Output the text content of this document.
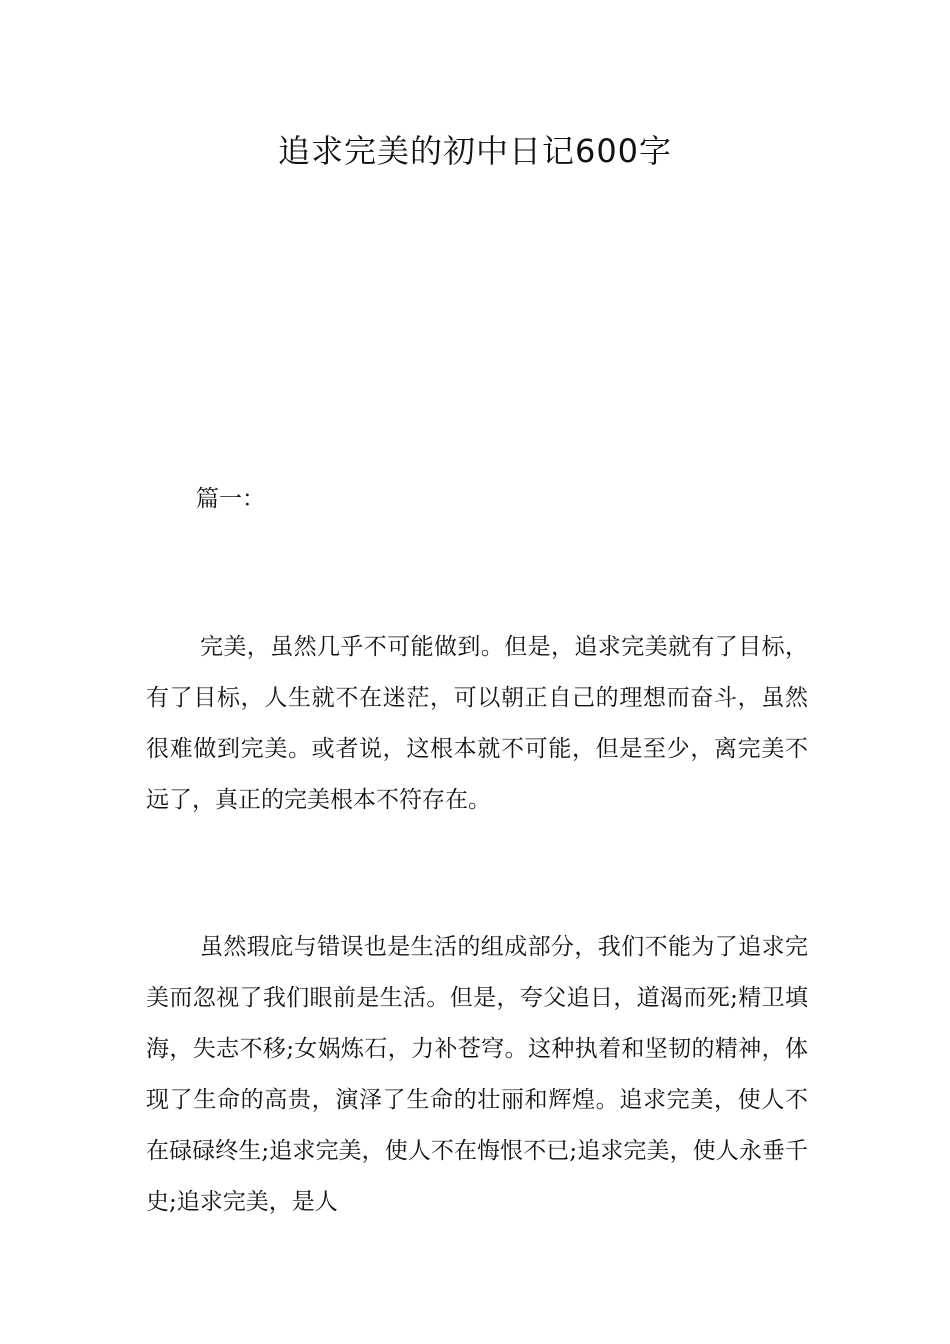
追求完美的初中日记600字

篇一：

完美，虽然几乎不可能做到。但是，追求完美就有了目标，有了目标，人生就不在迷茫，可以朝正自己的理想而奋斗，虽然很难做到完美。或者说，这根本就不可能，但是至少，离完美不远了，真正的完美根本不符存在。

虽然瑕庇与错误也是生活的组成部分，我们不能为了追求完美而忽视了我们眼前是生活。但是，夸父追日，道渴而死;精卫填海，失志不移;女娲炼石，力补苍穹。这种执着和坚韧的精神，体现了生命的高贵，演泽了生命的壮丽和辉煌。追求完美，使人不在碌碌终生;追求完美，使人不在悔恨不已;追求完美，使人永垂千史;追求完美，是人
